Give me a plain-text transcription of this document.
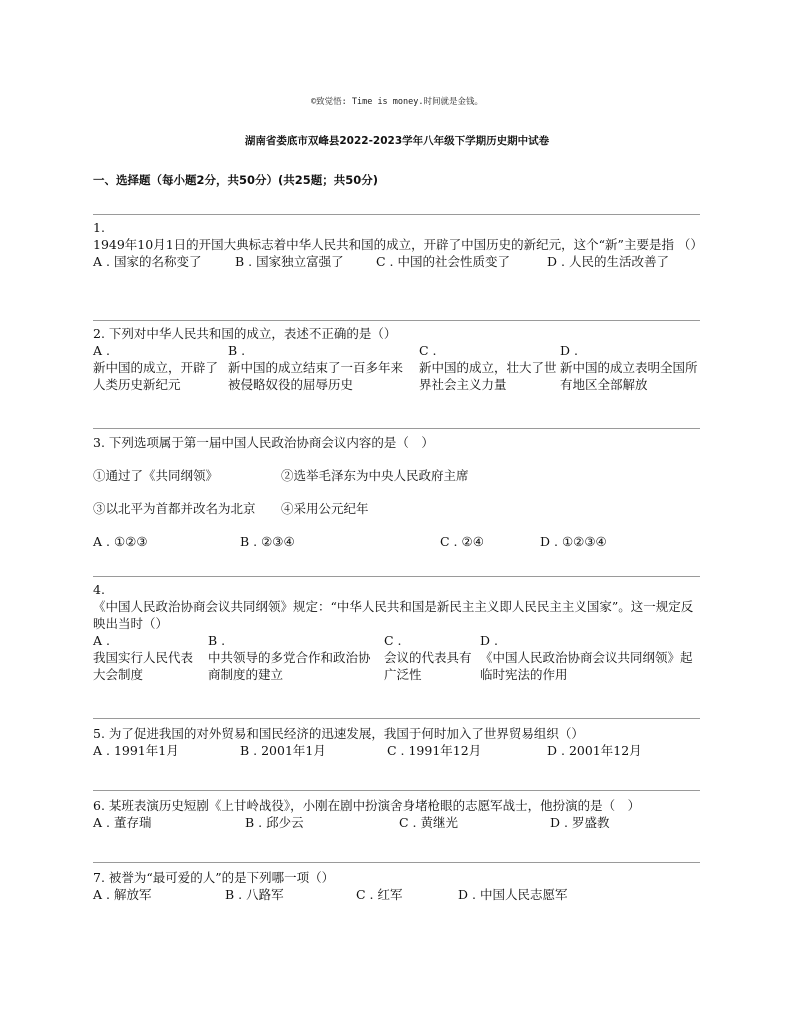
©致觉悟: Time is money.时间就是金钱。
湖南省娄底市双峰县2022-2023学年八年级下学期历史期中试卷
一、选择题（每小题2分，共50分）(共25题；共50分)
1.
1949年10月1日的开国大典标志着中华人民共和国的成立，开辟了中国历史的新纪元，这个“新”主要是指 （）
A . 国家的名称变了	B . 国家独立富强了	C . 中国的社会性质变了	D . 人民的生活改善了
2. 下列对中华人民共和国的成立，表述不正确的是（）
A .
新中国的成立，开辟了人类历史新纪元
B .
新中国的成立结束了一百多年来被侵略奴役的屈辱历史
C .
新中国的成立，壮大了世界社会主义力量
D .
新中国的成立表明全国所有地区全部解放
3. 下列选项属于第一届中国人民政治协商会议内容的是（　）
①通过了《共同纲领》	②选举毛泽东为中央人民政府主席
③以北平为首都并改名为北京 ④采用公元纪年
A . ①②③	B . ②③④	C . ②④	D . ①②③④
4.
《中国人民政治协商会议共同纲领》规定：“中华人民共和国是新民主主义即人民民主主义国家”。这一规定反映出当时（）
A .
我国实行人民代表大会制度
B .
中共领导的多党合作和政治协商制度的建立
C .
会议的代表具有广泛性
D .
《中国人民政治协商会议共同纲领》起临时宪法的作用
5. 为了促进我国的对外贸易和国民经济的迅速发展，我国于何时加入了世界贸易组织（）
A . 1991年1月	B . 2001年1月	C . 1991年12月	D . 2001年12月
6. 某班表演历史短剧《上甘岭战役》，小刚在剧中扮演舍身堵枪眼的志愿军战士，他扮演的是（　）
A . 董存瑞	B . 邱少云	C . 黄继光	D . 罗盛教
7. 被誉为“最可爱的人”的是下列哪一项（）
A . 解放军	B . 八路军	C . 红军	D . 中国人民志愿军
